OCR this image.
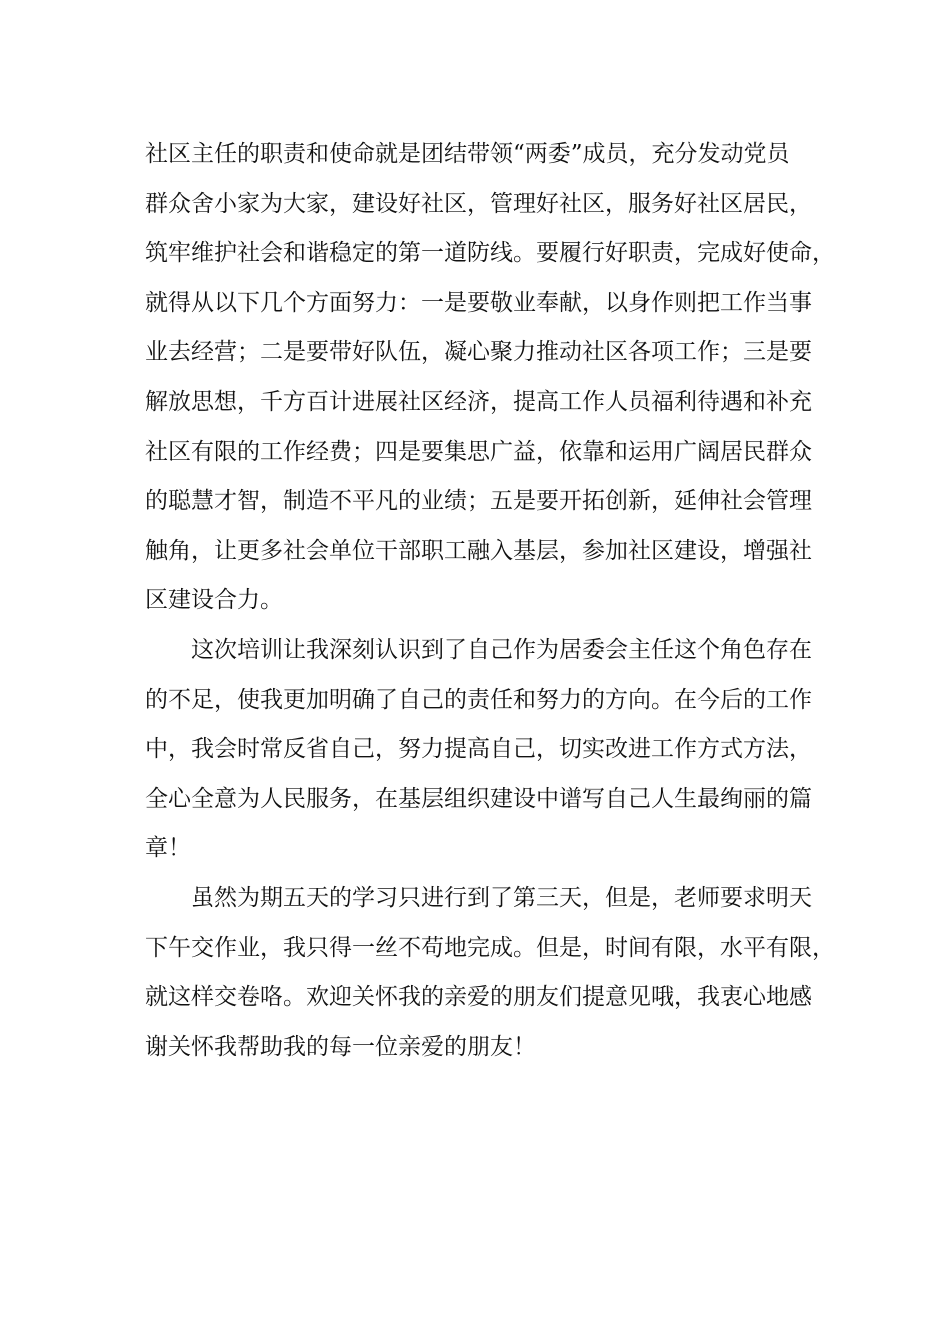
社区主任的职责和使命就是团结带领“两委”成员，充分发动党员
群众舍小家为大家，建设好社区，管理好社区，服务好社区居民，
筑牢维护社会和谐稳定的第一道防线。要履行好职责，完成好使命，
就得从以下几个方面努力：一是要敬业奉献，以身作则把工作当事
业去经营；二是要带好队伍，凝心聚力推动社区各项工作；三是要
解放思想，千方百计进展社区经济，提高工作人员福利待遇和补充
社区有限的工作经费；四是要集思广益，依靠和运用广阔居民群众
的聪慧才智，制造不平凡的业绩；五是要开拓创新，延伸社会管理
触角，让更多社会单位干部职工融入基层，参加社区建设，增强社
区建设合力。
这次培训让我深刻认识到了自己作为居委会主任这个角色存在
的不足，使我更加明确了自己的责任和努力的方向。在今后的工作
中，我会时常反省自己，努力提高自己，切实改进工作方式方法，
全心全意为人民服务，在基层组织建设中谱写自己人生最绚丽的篇
章！
虽然为期五天的学习只进行到了第三天，但是，老师要求明天
下午交作业，我只得一丝不苟地完成。但是，时间有限，水平有限，
就这样交卷咯。欢迎关怀我的亲爱的朋友们提意见哦，我衷心地感
谢关怀我帮助我的每一位亲爱的朋友！
